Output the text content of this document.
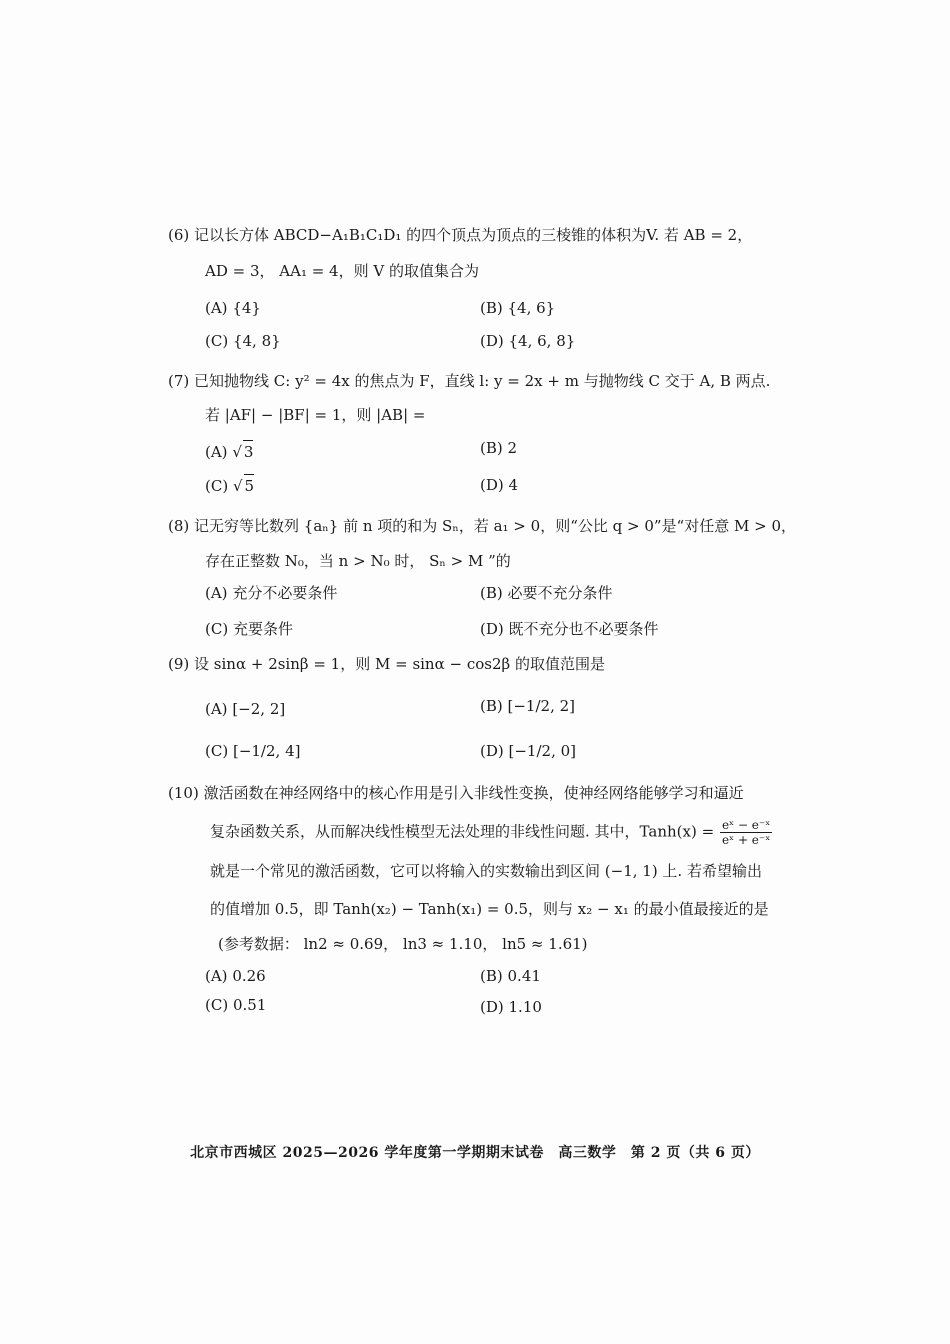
(6) 记以长方体 ABCD−A₁B₁C₁D₁ 的四个顶点为顶点的三棱锥的体积为V. 若 AB = 2，
AD = 3， AA₁ = 4，则 V 的取值集合为
(A) {4}	(B) {4, 6}
(C) {4, 8}	(D) {4, 6, 8}
(7) 已知抛物线 C: y² = 4x 的焦点为 F，直线 l: y = 2x + m 与抛物线 C 交于 A, B 两点.
若 |AF| − |BF| = 1，则 |AB| =
(A) √ 3	(B) 2
(C) √ 5	(D) 4
(8) 记无穷等比数列 {aₙ} 前 n 项的和为 Sₙ，若 a₁ > 0，则“公比 q > 0”是“对任意 M > 0，
存在正整数 N₀，当 n > N₀ 时， Sₙ > M ”的
(A) 充分不必要条件	(B) 必要不充分条件
(C) 充要条件	(D) 既不充分也不必要条件
(9) 设 sinα + 2sinβ = 1，则 M = sinα − cos2β 的取值范围是
(A) [−2, 2]	(B) [−1/2, 2]
(C) [−1/2, 4]	(D) [−1/2, 0]
(10) 激活函数在神经网络中的核心作用是引入非线性变换，使神经网络能够学习和逼近
复杂函数关系，从而解决线性模型无法处理的非线性问题. 其中，Tanh(x) = $\frac{\text{eˣ − e⁻ˣ}}{\text{eˣ + e⁻ˣ}}$
就是一个常见的激活函数，它可以将输入的实数输出到区间 (−1, 1) 上. 若希望输出
的值增加 0.5，即 Tanh(x₂) − Tanh(x₁) = 0.5，则与 x₂ − x₁ 的最小值最接近的是
(参考数据： ln2 ≈ 0.69， ln3 ≈ 1.10， ln5 ≈ 1.61)
(A) 0.26	(B) 0.41
(C) 0.51	(D) 1.10
北京市西城区 2025—2026 学年度第一学期期末试卷　高三数学　第 2 页（共 6 页）
